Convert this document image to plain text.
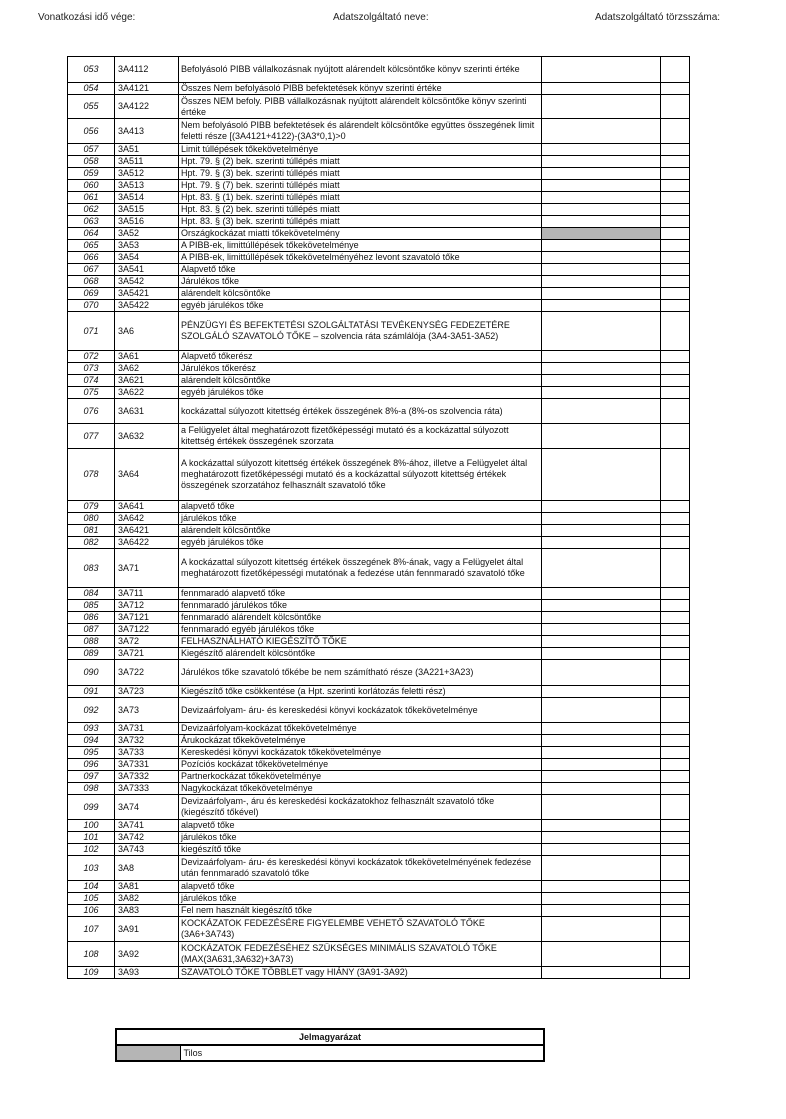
Vonatkozási idő vége:	Adatszolgáltató neve:	Adatszolgáltató törzsszáma:
053	3A4112	Befolyásoló PIBB vállalkozásnak nyújtott alárendelt kölcsöntőke könyv szerinti értéke		
054	3A4121	Összes Nem befolyásoló PIBB befektetések könyv szerinti értéke		
055	3A4122	Összes NEM befoly. PIBB vállalkozásnak nyújtott alárendelt kölcsöntőke könyv szerinti értéke		
056	3A413	Nem befolyásoló PIBB befektetések és alárendelt kölcsöntőke együttes összegének limit feletti része [(3A4121+4122)-(3A3*0,1)>0		
057	3A51	Limit túllépések tőkekövetelménye		
058	3A511	Hpt. 79. § (2) bek. szerinti túllépés miatt		
059	3A512	Hpt. 79. § (3) bek. szerinti túllépés miatt		
060	3A513	Hpt. 79. § (7) bek. szerinti túllépés miatt		
061	3A514	Hpt. 83. § (1) bek. szerinti túllépés miatt		
062	3A515	Hpt. 83. § (2) bek. szerinti túllépés miatt		
063	3A516	Hpt. 83. § (3) bek. szerinti túllépés miatt		
064	3A52	Országkockázat miatti tőkekövetelmény		
065	3A53	A PIBB-ek, limittúllépések tőkekövetelménye		
066	3A54	A PIBB-ek, limittúllépések tőkekövetelményéhez levont szavatoló tőke		
067	3A541	Alapvető tőke		
068	3A542	Járulékos tőke		
069	3A5421	alárendelt kölcsöntőke		
070	3A5422	egyéb járulékos tőke		
071	3A6	PÉNZÜGYI ÉS BEFEKTETÉSI SZOLGÁLTATÁSI TEVÉKENYSÉG FEDEZETÉRE SZOLGÁLÓ SZAVATOLÓ TŐKE – szolvencia ráta számlálója (3A4-3A51-3A52)		
072	3A61	Alapvető tőkerész		
073	3A62	Járulékos tőkerész		
074	3A621	alárendelt kölcsöntőke		
075	3A622	egyéb járulékos tőke		
076	3A631	kockázattal súlyozott kitettség értékek összegének 8%-a (8%-os szolvencia ráta)		
077	3A632	a Felügyelet által meghatározott fizetőképességi mutató és a kockázattal súlyozott kitettség értékek összegének szorzata		
078	3A64	A kockázattal súlyozott kitettség értékek összegének 8%-ához, illetve a Felügyelet által meghatározott fizetőképességi mutató és a kockázattal súlyozott kitettség értékek összegének szorzatához felhasznált szavatoló tőke		
079	3A641	alapvető tőke		
080	3A642	járulékos tőke		
081	3A6421	alárendelt kölcsöntőke		
082	3A6422	egyéb járulékos tőke		
083	3A71	A kockázattal súlyozott kitettség értékek összegének 8%-ának, vagy a Felügyelet által meghatározott fizetőképességi mutatónak a fedezése után fennmaradó szavatoló tőke		
084	3A711	fennmaradó alapvető tőke		
085	3A712	fennmaradó járulékos tőke		
086	3A7121	fennmaradó alárendelt kölcsöntőke		
087	3A7122	fennmaradó egyéb járulékos tőke		
088	3A72	FELHASZNÁLHATÓ KIEGÉSZÍTŐ TŐKE		
089	3A721	Kiegészítő alárendelt kölcsöntőke		
090	3A722	Járulékos tőke szavatoló tőkébe be nem számítható része (3A221+3A23)		
091	3A723	Kiegészítő tőke csökkentése (a Hpt. szerinti korlátozás feletti rész)		
092	3A73	Devizaárfolyam- áru- és kereskedési könyvi kockázatok tőkekövetelménye		
093	3A731	Devizaárfolyam-kockázat tőkekövetelménye		
094	3A732	Árukockázat tőkekövetelménye		
095	3A733	Kereskedési könyvi kockázatok tőkekövetelménye		
096	3A7331	Pozíciós kockázat tőkekövetelménye		
097	3A7332	Partnerkockázat tőkekövetelménye		
098	3A7333	Nagykockázat tőkekövetelménye		
099	3A74	Devizaárfolyam-, áru és kereskedési kockázatokhoz felhasznált szavatoló tőke (kiegészítő tőkével)		
100	3A741	alapvető tőke		
101	3A742	járulékos tőke		
102	3A743	kiegészítő tőke		
103	3A8	Devizaárfolyam- áru- és kereskedési könyvi kockázatok tőkekövetelményének fedezése után fennmaradó szavatoló tőke		
104	3A81	alapvető tőke		
105	3A82	járulékos tőke		
106	3A83	Fel nem használt kiegészítő tőke		
107	3A91	KOCKÁZATOK FEDEZÉSÉRE FIGYELEMBE VEHETŐ SZAVATOLÓ TŐKE (3A6+3A743)		
108	3A92	KOCKÁZATOK FEDEZÉSÉHEZ SZÜKSÉGES MINIMÁLIS SZAVATOLÓ TŐKE (MAX(3A631,3A632)+3A73)		
109	3A93	SZAVATOLÓ TŐKE TÖBBLET vagy HIÁNY (3A91-3A92)		
Jelmagyarázat
	Tilos
